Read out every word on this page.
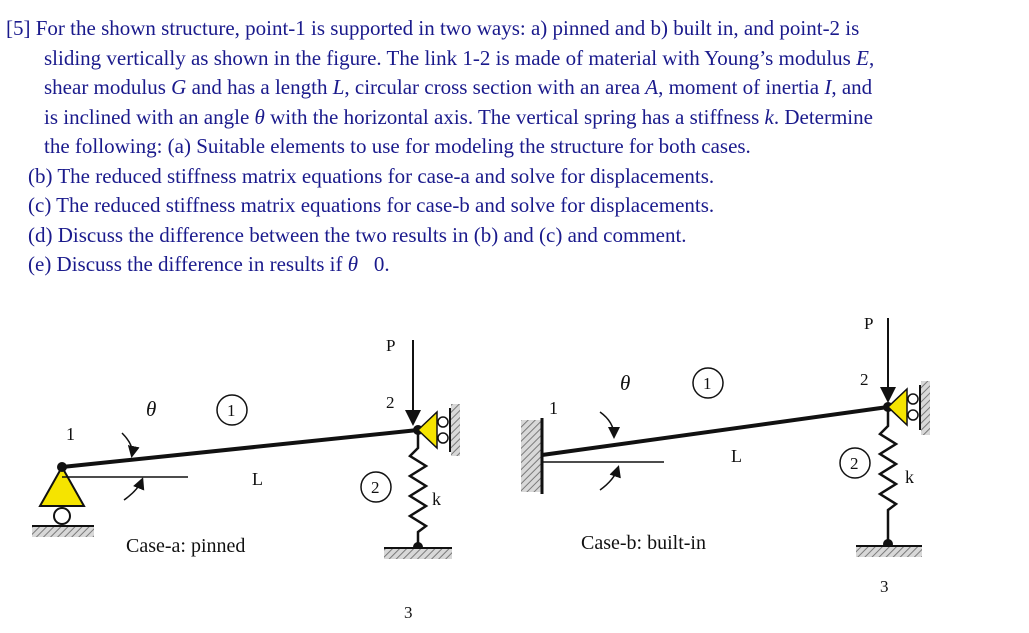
[5] For the shown structure, point-1 is supported in two ways: a) pinned and b) built in, and point-2 is
sliding vertically as shown in the figure. The link 1-2 is made of material with Young’s modulus E,
shear modulus G and has a length L, circular cross section with an area A, moment of inertia I, and
is inclined with an angle θ with the horizontal axis. The vertical spring has a stiffness k. Determine
the following: (a) Suitable elements to use for modeling the structure for both cases.
(b) The reduced stiffness matrix equations for case-a and solve for displacements.
(c) The reduced stiffness matrix equations for case-b and solve for displacements.
(d) Discuss the difference between the two results in (b) and (c) and comment.
(e) Discuss the difference in results if θ 0.
1
θ	1
L
Case-a: pinned
P
2
2
k
3
1
θ	1
L
Case-b: built-in
P
2
2
k
3
